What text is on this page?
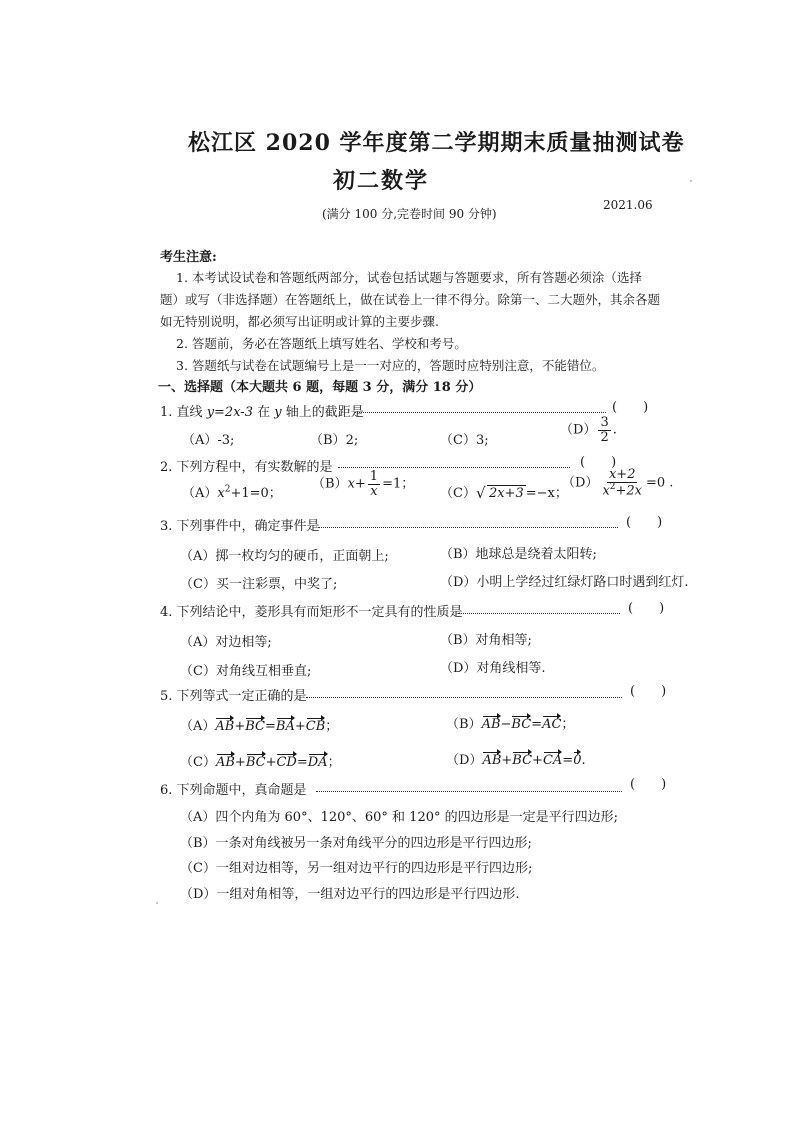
松江区 2020 学年度第二学期期末质量抽测试卷
初二数学
(满分 100 分,完卷时间 90 分钟)
2021.06
考生注意:
1. 本考试设试卷和答题纸两部分，试卷包括试题与答题要求，所有答题必须涂（选择
题）或写（非选择题）在答题纸上，做在试卷上一律不得分。除第一、二大题外，其余各题
如无特别说明，都必须写出证明或计算的主要步骤.
2. 答题前，务必在答题纸上填写姓名、学校和考号。
3. 答题纸与试卷在试题编号上是一一对应的，答题时应特别注意，不能错位。
一、选择题（本大题共 6 题，每题 3 分，满分 18 分）
1. 直线 y=2x-3 在 y 轴上的截距是	(　　)
（A）-3;	（B）2;	（C）3;
$(D) \frac{3}{2}$ .
2. 下列方程中，有实数解的是	(　　)
$(A)x^2+1=0$；
$(B)x+ \frac{1}{x} =1$；
（C）√ 2x+3 =−x；
$(D) \frac{x+2}{x^2+2x} =0$ .
3. 下列事件中，确定事件是	(　　)
（A）掷一枚均匀的硬币，正面朝上;	（B）地球总是绕着太阳转;
（C）买一注彩票，中奖了;	（D）小明上学经过红绿灯路口时遇到红灯.
4. 下列结论中，菱形具有而矩形不一定具有的性质是	(　　)
（A）对边相等;	（B）对角相等;
（C）对角线互相垂直;	（D）对角线相等.
5. 下列等式一定正确的是	(　　)
（A）AB+BC=BA+CB；	（B）AB−BC=AC；
（C）AB+BC+CD=DA；	（D）AB+BC+CA=0.
6. 下列命题中，真命题是	(　　)
（A）四个内角为 60°、120°、60° 和 120° 的四边形是一定是平行四边形;
（B）一条对角线被另一条对角线平分的四边形是平行四边形;
（C）一组对边相等，另一组对边平行的四边形是平行四边形;
（D）一组对角相等，一组对边平行的四边形是平行四边形.
